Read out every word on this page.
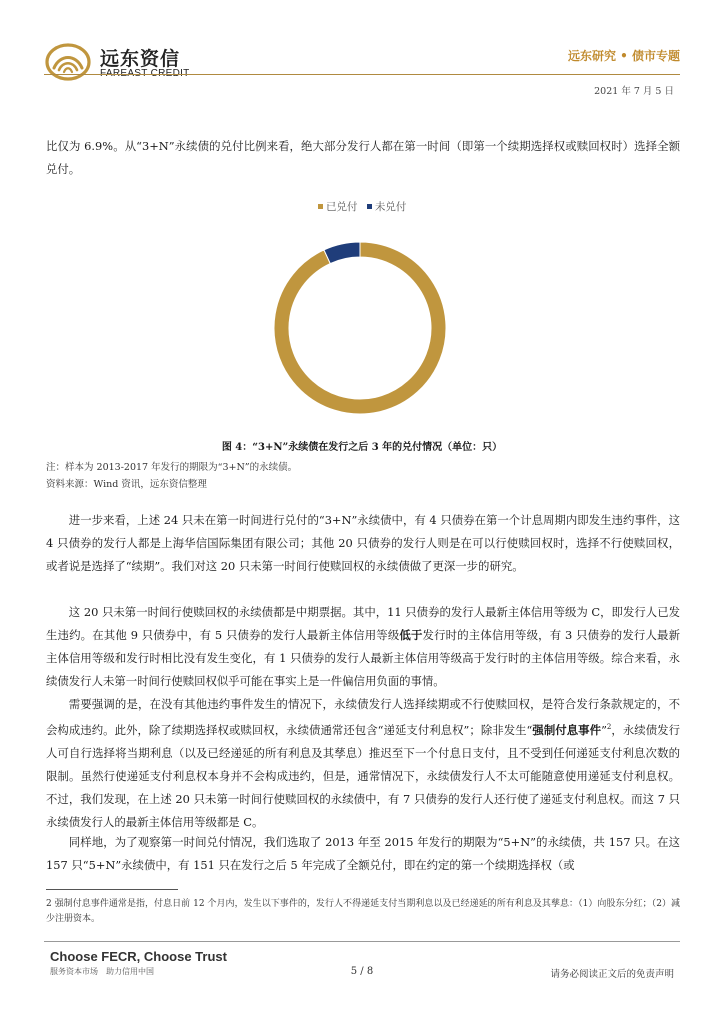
远东资信	远东研究 • 债市专题
2021 年 7 月 5 日

比仅为 6.9%。从“3+N”永续债的兑付比例来看，绝大部分发行人都在第一时间（即第一个续期选择权或赎回权时）选择全额兑付。

已兑付 未兑付
图 4：“3+N”永续债在发行之后 3 年的兑付情况（单位：只）
注：样本为 2013-2017 年发行的期限为“3+N”的永续债。
资料来源：Wind 资讯，远东资信整理

进一步来看，上述 24 只未在第一时间进行兑付的“3+N”永续债中，有 4 只债券在第一个计息周期内即发生违约事件，这 4 只债券的发行人都是上海华信国际集团有限公司；其他 20 只债券的发行人则是在可以行使赎回权时，选择不行使赎回权，或者说是选择了“续期”。我们对这 20 只未第一时间行使赎回权的永续债做了更深一步的研究。

这 20 只未第一时间行使赎回权的永续债都是中期票据。其中，11 只债券的发行人最新主体信用等级为 C，即发行人已发生违约。在其他 9 只债券中，有 5 只债券的发行人最新主体信用等级低于发行时的主体信用等级，有 3 只债券的发行人最新主体信用等级和发行时相比没有发生变化，有 1 只债券的发行人最新主体信用等级高于发行时的主体信用等级。综合来看，永续债发行人未第一时间行使赎回权似乎可能在事实上是一件偏信用负面的事情。

需要强调的是，在没有其他违约事件发生的情况下，永续债发行人选择续期或不行使赎回权，是符合发行条款规定的，不会构成违约。此外，除了续期选择权或赎回权，永续债通常还包含“递延支付利息权”；除非发生“强制付息事件”$^2$，永续债发行人可自行选择将当期利息（以及已经递延的所有利息及其孳息）推迟至下一个付息日支付，且不受到任何递延支付利息次数的限制。虽然行使递延支付利息权本身并不会构成违约，但是，通常情况下，永续债发行人不太可能随意使用递延支付利息权。不过，我们发现，在上述 20 只未第一时间行使赎回权的永续债中，有 7 只债券的发行人还行使了递延支付利息权。而这 7 只永续债发行人的最新主体信用等级都是 C。

同样地，为了观察第一时间兑付情况，我们选取了 2013 年至 2015 年发行的期限为“5+N”的永续债，共 157 只。在这 157 只“5+N”永续债中，有 151 只在发行之后 5 年完成了全额兑付，即在约定的第一个续期选择权（或

2 强制付息事件通常是指，付息日前 12 个月内，发生以下事件的，发行人不得递延支付当期利息以及已经递延的所有利息及其孳息：（1）向股东分红；（2）减少注册资本。
Choose FECR, Choose Trust
服务资本市场　助力信用中国	5 / 8	请务必阅读正文后的免责声明
